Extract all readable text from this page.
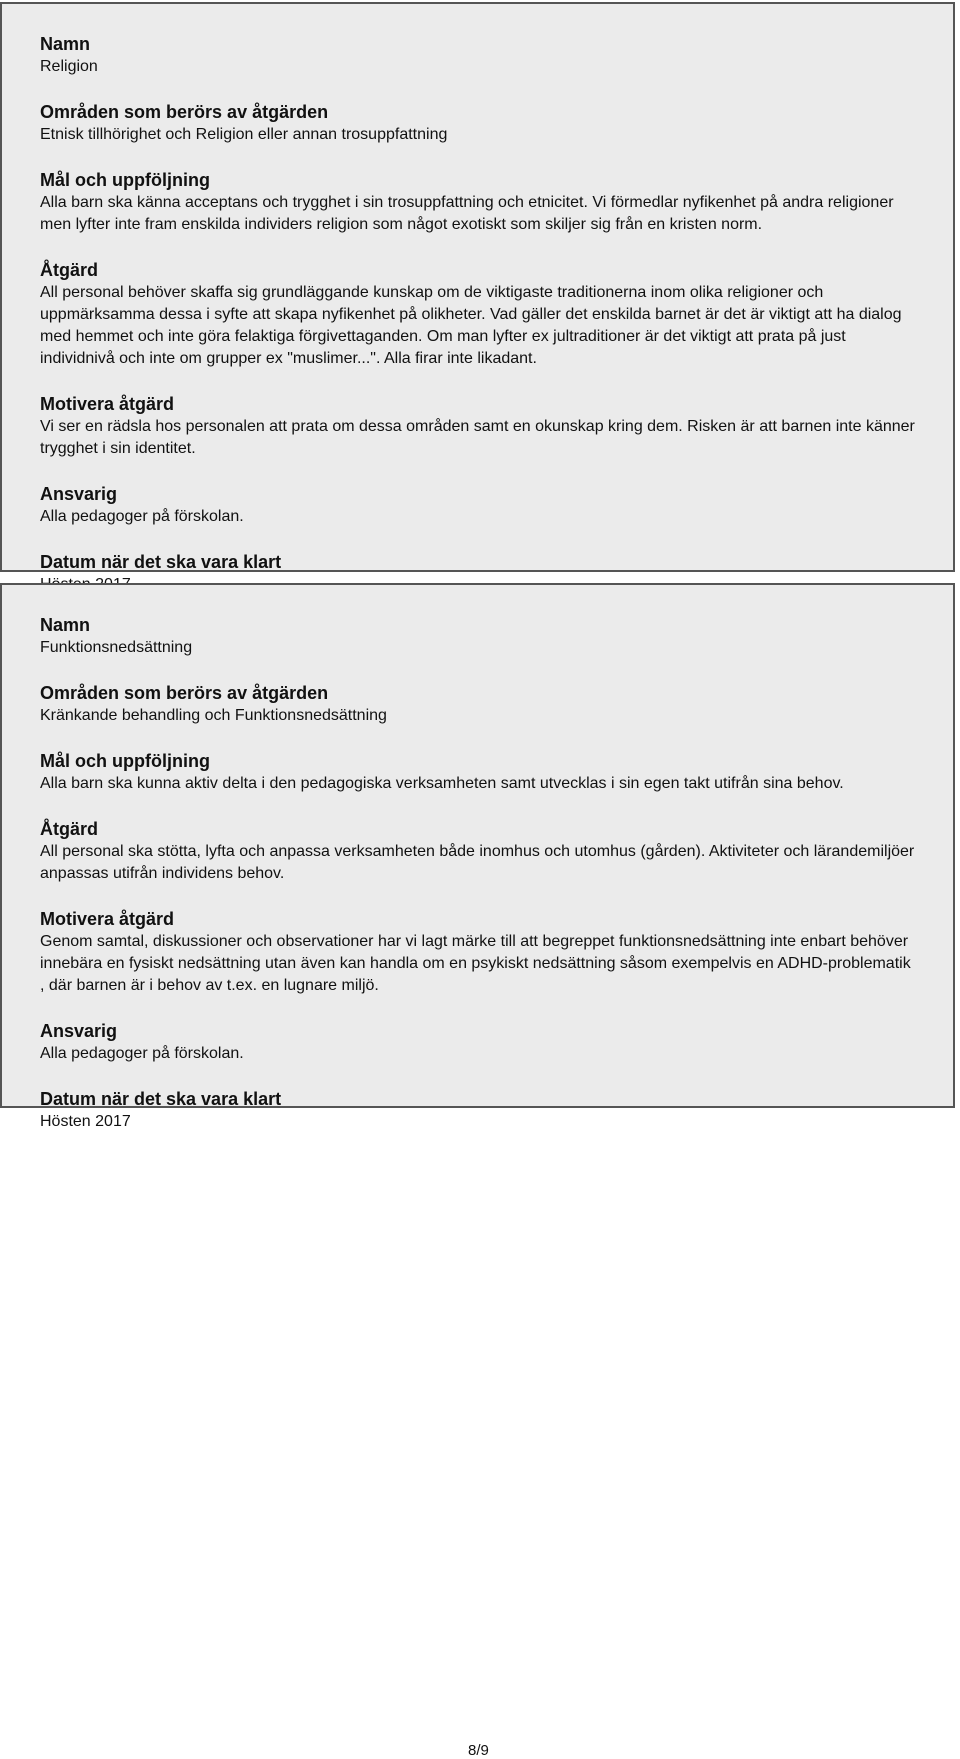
Namn

Religion

Områden som berörs av åtgärden

Etnisk tillhörighet och Religion eller annan trosuppfattning

Mål och uppföljning

Alla barn ska känna acceptans och trygghet i sin trosuppfattning och etnicitet. Vi förmedlar nyfikenhet på andra religioner men lyfter inte fram enskilda individers religion som något exotiskt som skiljer sig från en kristen norm.

Åtgärd

All personal behöver skaffa sig grundläggande kunskap om de viktigaste traditionerna inom olika religioner och uppmärksamma dessa i syfte att skapa nyfikenhet på olikheter. Vad gäller det enskilda barnet är det är viktigt att ha dialog med hemmet och inte göra felaktiga förgivettaganden. Om man lyfter ex jultraditioner är det viktigt att prata på just individnivå och inte om grupper ex "muslimer...". Alla firar inte likadant.

Motivera åtgärd

Vi ser en rädsla hos personalen att prata om dessa områden samt en okunskap kring dem. Risken är att barnen inte känner trygghet i sin identitet.

Ansvarig

Alla pedagoger på förskolan.

Datum när det ska vara klart

Namn

Funktionsnedsättning

Områden som berörs av åtgärden

Kränkande behandling och Funktionsnedsättning

Mål och uppföljning

Alla barn ska kunna aktiv delta i den pedagogiska verksamheten samt utvecklas i sin egen takt utifrån sina behov.

Åtgärd

All personal ska stötta, lyfta och anpassa verksamheten både inomhus och utomhus (gården). Aktiviteter och lärandemiljöer anpassas utifrån individens behov.

Motivera åtgärd

Genom samtal, diskussioner och observationer har vi lagt märke till att begreppet funktionsnedsättning inte enbart behöver innebära en fysiskt nedsättning utan även kan handla om en psykiskt nedsättning såsom exempelvis en ADHD-problematik , där barnen är i behov av t.ex. en lugnare miljö.

Ansvarig

Alla pedagoger på förskolan.

Datum när det ska vara klart

Hösten 2017

8/9
